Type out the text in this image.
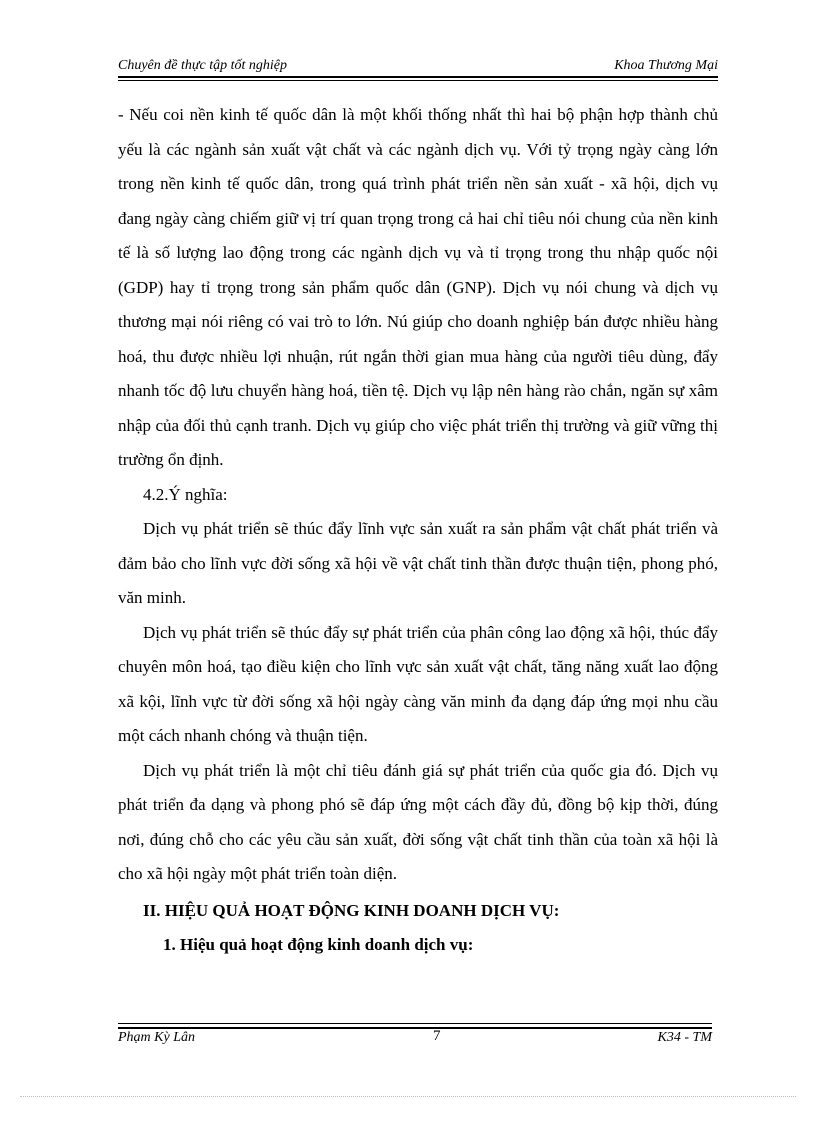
Chuyên đề thực tập tốt nghiệp	Khoa Thương Mại

- Nếu coi nền kinh tế quốc dân là một khối thống nhất thì hai bộ phận hợp thành chủ yếu là các ngành sản xuất vật chất và các ngành dịch vụ. Với tỷ trọng ngày càng lớn trong nền kinh tế quốc dân, trong quá trình phát triển nền sản xuất - xã hội, dịch vụ đang ngày càng chiếm giữ vị trí quan trọng trong cả hai chỉ tiêu nói chung của nền kinh tế là số lượng lao động trong các ngành dịch vụ và tỉ trọng trong thu nhập quốc nội (GDP) hay tỉ trọng trong sản phẩm quốc dân (GNP). Dịch vụ nói chung và dịch vụ thương mại nói riêng có vai trò to lớn. Nú giúp cho doanh nghiệp bán được nhiều hàng hoá, thu được nhiều lợi nhuận, rút ngắn thời gian mua hàng của người tiêu dùng, đẩy nhanh tốc độ lưu chuyển hàng hoá, tiền tệ. Dịch vụ lập nên hàng rào chắn, ngăn sự xâm nhập của đối thủ cạnh tranh. Dịch vụ giúp cho việc phát triển thị trường và giữ vững thị trường ổn định.

4.2.Ý nghĩa:

Dịch vụ phát triển sẽ thúc đẩy lĩnh vực sản xuất ra sản phẩm vật chất phát triển và đảm bảo cho lĩnh vực đời sống xã hội về vật chất tinh thần được thuận tiện, phong phó, văn minh.

Dịch vụ phát triển sẽ thúc đẩy sự phát triển của phân công lao động xã hội, thúc đẩy chuyên môn hoá, tạo điều kiện cho lĩnh vực sản xuất vật chất, tăng năng xuất lao động xã kội, lĩnh vực từ đời sống xã hội ngày càng văn minh đa dạng đáp ứng mọi nhu cầu một cách nhanh chóng và thuận tiện.

Dịch vụ phát triển là một chỉ tiêu đánh giá sự phát triển của quốc gia đó. Dịch vụ phát triển đa dạng và phong phó sẽ đáp ứng một cách đầy đủ, đồng bộ kịp thời, đúng nơi, đúng chỗ cho các yêu cầu sản xuất, đời sống vật chất tinh thần của toàn xã hội là cho xã hội ngày một phát triển toàn diện.

II. HIỆU QUẢ HOẠT ĐỘNG KINH DOANH DỊCH VỤ:

1. Hiệu quả hoạt động kinh doanh dịch vụ:

Phạm Kỳ Lân	7	K34 - TM
